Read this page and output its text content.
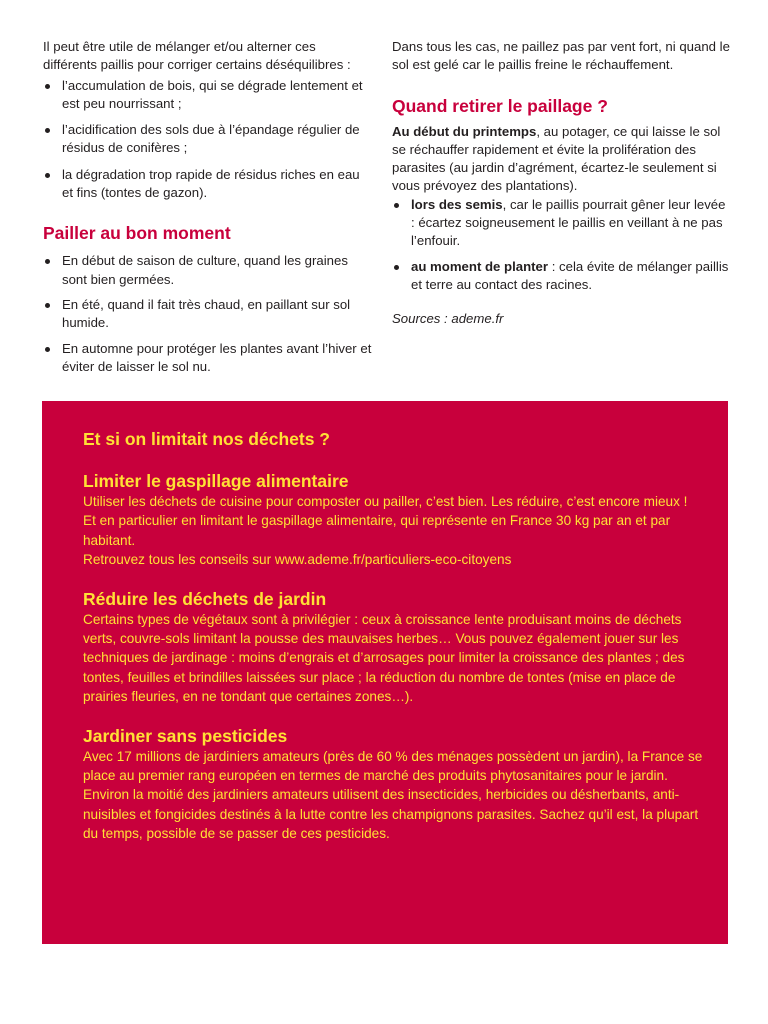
Il peut être utile de mélanger et/ou alterner ces différents paillis pour corriger certains déséquilibres :

l’accumulation de bois, qui se dégrade lentement et est peu nourrissant ;
l’acidification des sols due à l’épandage régulier de résidus de conifères ;
la dégradation trop rapide de résidus riches en eau et fins (tontes de gazon).
Pailler au bon moment
En début de saison de culture, quand les graines sont bien germées.
En été, quand il fait très chaud, en paillant sur sol humide.
En automne pour protéger les plantes avant l’hiver et éviter de laisser le sol nu.

Dans tous les cas, ne paillez pas par vent fort, ni quand le sol est gelé car le paillis freine le réchauffement.

Quand retirer le paillage ?

Au début du printemps, au potager, ce qui laisse le sol se réchauffer rapidement et évite la prolifération des parasites (au jardin d’agrément, écartez-le seulement si vous prévoyez des plantations).

lors des semis, car le paillis pourrait gêner leur levée : écartez soigneusement le paillis en veillant à ne pas l’enfouir.
au moment de planter : cela évite de mélanger paillis et terre au contact des racines.

Sources : ademe.fr

Et si on limitait nos déchets ?
Limiter le gaspillage alimentaire

Utiliser les déchets de cuisine pour composter ou pailler, c’est bien. Les réduire, c’est encore mieux ! Et en particulier en limitant le gaspillage alimentaire, qui représente en France 30 kg par an et par habitant.

Retrouvez tous les conseils sur www.ademe.fr/particuliers-eco-citoyens

Réduire les déchets de jardin

Certains types de végétaux sont à privilégier : ceux à croissance lente produisant moins de déchets verts, couvre-sols limitant la pousse des mauvaises herbes… Vous pouvez également jouer sur les techniques de jardinage : moins d’engrais et d’arrosages pour limiter la croissance des plantes ; des tontes, feuilles et brindilles laissées sur place ; la réduction du nombre de tontes (mise en place de prairies fleuries, en ne tondant que certaines zones…).

Jardiner sans pesticides

Avec 17 millions de jardiniers amateurs (près de 60 % des ménages possèdent un jardin), la France se place au premier rang européen en termes de marché des produits phytosanitaires pour le jardin. Environ la moitié des jardiniers amateurs utilisent des insecticides, herbicides ou désherbants, anti-nuisibles et fongicides destinés à la lutte contre les champignons parasites. Sachez qu’il est, la plupart du temps, possible de se passer de ces pesticides.
